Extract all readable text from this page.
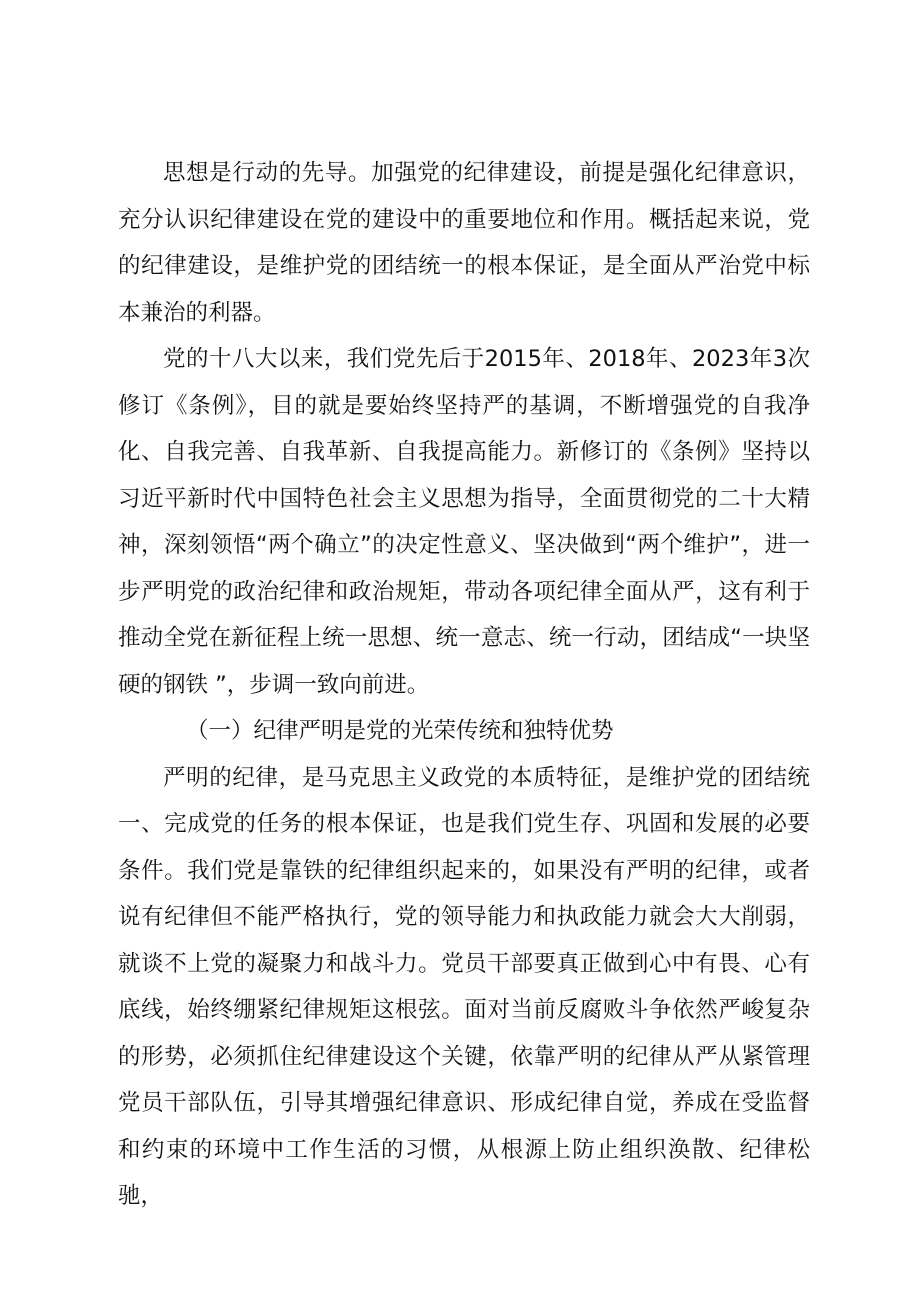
思想是行动的先导。加强党的纪律建设，前提是强化纪律意识，充分认识纪律建设在党的建设中的重要地位和作用。概括起来说，党的纪律建设，是维护党的团结统一的根本保证，是全面从严治党中标本兼治的利器。

党的十八大以来，我们党先后于2015年、2018年、2023年3次修订《条例》，目的就是要始终坚持严的基调，不断增强党的自我净化、自我完善、自我革新、自我提高能力。新修订的《条例》坚持以习近平新时代中国特色社会主义思想为指导，全面贯彻党的二十大精神，深刻领悟“两个确立”的决定性意义、坚决做到“两个维护”，进一步严明党的政治纪律和政治规矩，带动各项纪律全面从严，这有利于推动全党在新征程上统一思想、统一意志、统一行动，团结成“一块坚硬的钢铁 ”，步调一致向前进。

（一）纪律严明是党的光荣传统和独特优势

严明的纪律，是马克思主义政党的本质特征，是维护党的团结统一、完成党的任务的根本保证，也是我们党生存、巩固和发展的必要条件。我们党是靠铁的纪律组织起来的，如果没有严明的纪律，或者说有纪律但不能严格执行，党的领导能力和执政能力就会大大削弱，就谈不上党的凝聚力和战斗力。党员干部要真正做到心中有畏、心有底线，始终绷紧纪律规矩这根弦。面对当前反腐败斗争依然严峻复杂的形势，必须抓住纪律建设这个关键，依靠严明的纪律从严从紧管理党员干部队伍，引导其增强纪律意识、形成纪律自觉，养成在受监督和约束的环境中工作生活的习惯，从根源上防止组织涣散、纪律松驰，
